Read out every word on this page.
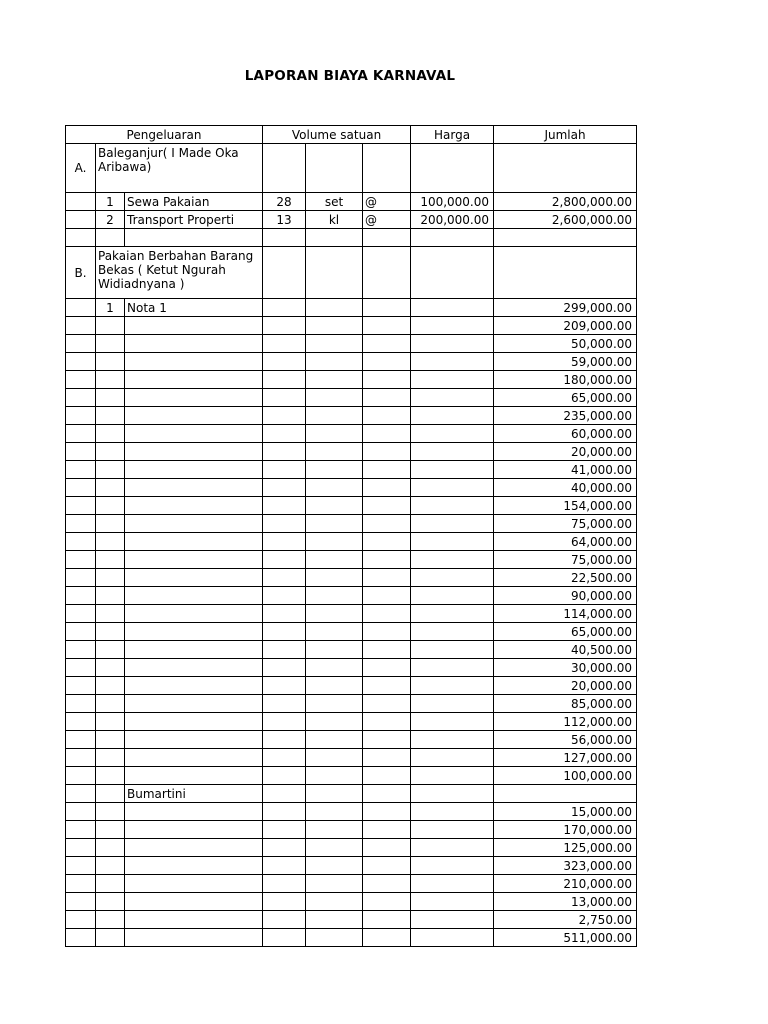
LAPORAN BIAYA KARNAVAL
Pengeluaran			Volume satuan			Harga	Jumlah
A.	Baleganjur( I Made Oka Aribawa)						
	1	Sewa Pakaian	28	set	@	100,000.00	2,800,000.00
	2	Transport Properti	13	kl	@	200,000.00	2,600,000.00

B.	Pakaian Berbahan Barang Bekas ( Ketut Ngurah Widiadnyana )						
	1	Nota 1					299,000.00
							209,000.00
							50,000.00
							59,000.00
							180,000.00
							65,000.00
							235,000.00
							60,000.00
							20,000.00
							41,000.00
							40,000.00
							154,000.00
							75,000.00
							64,000.00
							75,000.00
							22,500.00
							90,000.00
							114,000.00
							65,000.00
							40,500.00
							30,000.00
							20,000.00
							85,000.00
							112,000.00
							56,000.00
							127,000.00
							100,000.00
		Bumartini					
							15,000.00
							170,000.00
							125,000.00
							323,000.00
							210,000.00
							13,000.00
							2,750.00
							511,000.00
